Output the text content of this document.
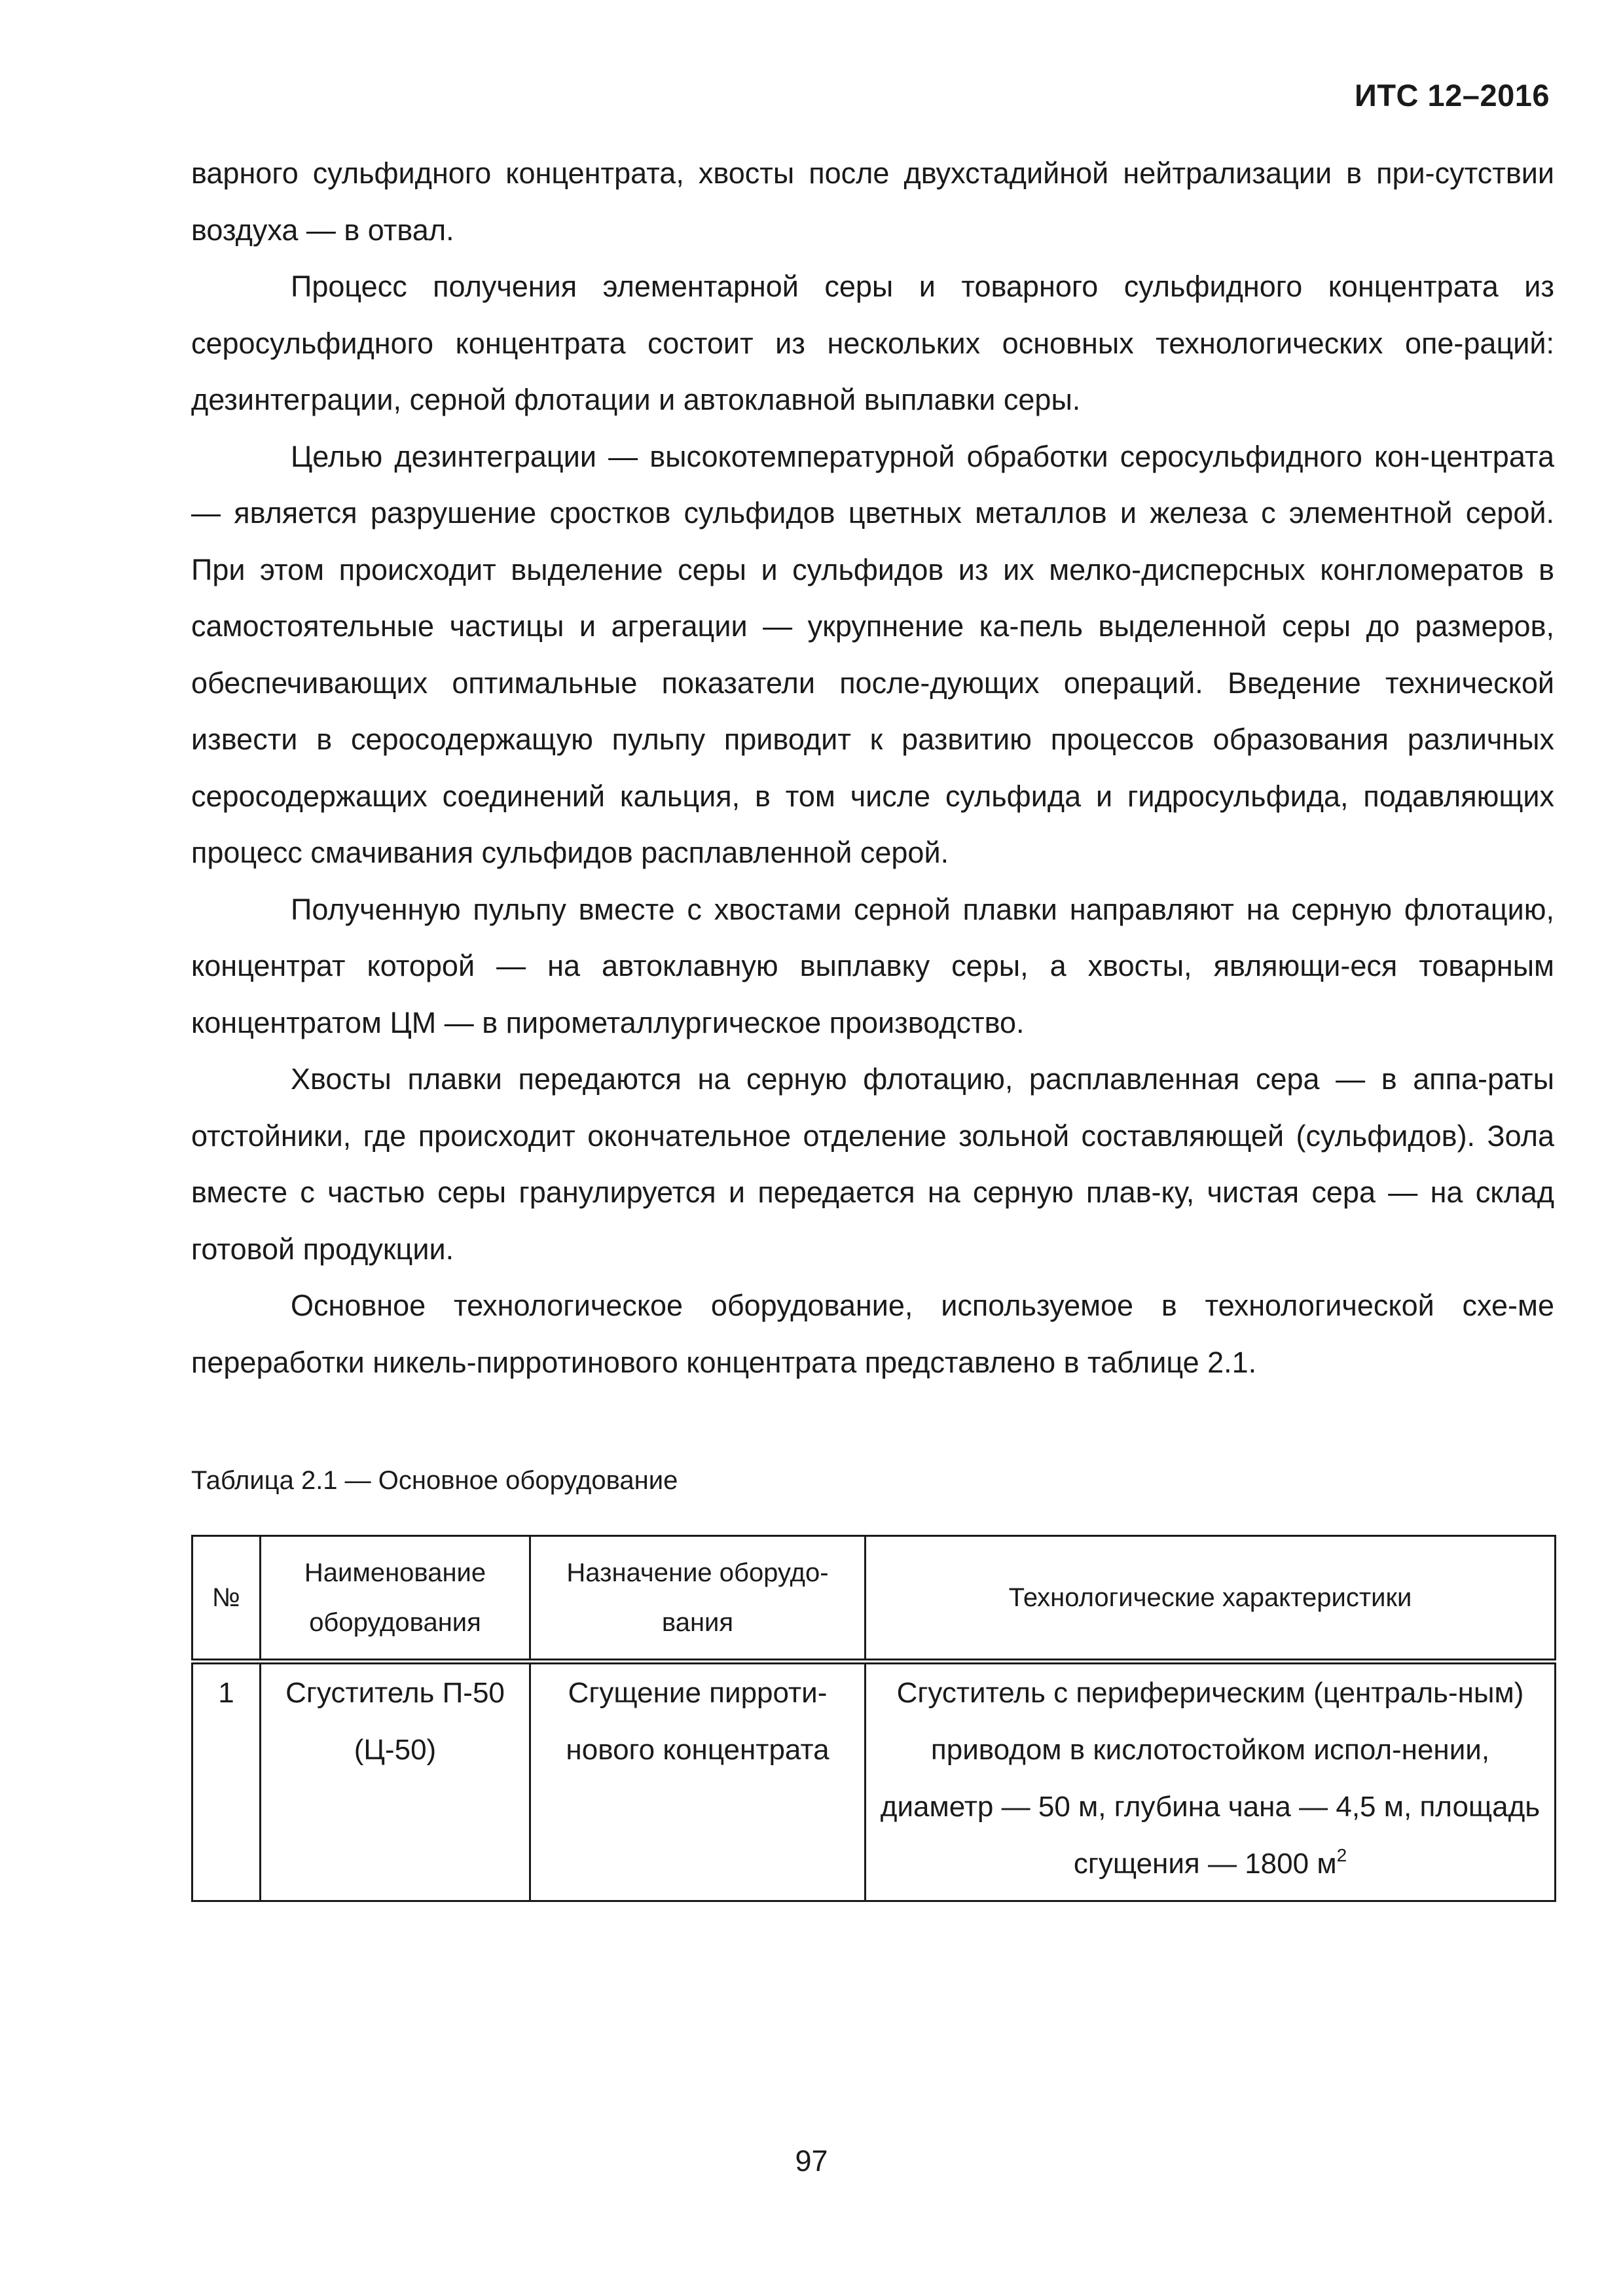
ИТС 12–2016

варного сульфидного концентрата, хвосты после двухстадийной нейтрализации в при-сутствии воздуха — в отвал.

Процесс получения элементарной серы и товарного сульфидного концентрата из серосульфидного концентрата состоит из нескольких основных технологических опе-раций: дезинтеграции, серной флотации и автоклавной выплавки серы.

Целью дезинтеграции — высокотемпературной обработки серосульфидного кон-центрата — является разрушение сростков сульфидов цветных металлов и железа с элементной серой. При этом происходит выделение серы и сульфидов из их мелко-дисперсных конгломератов в самостоятельные частицы и агрегации — укрупнение ка-пель выделенной серы до размеров, обеспечивающих оптимальные показатели после-дующих операций. Введение технической извести в серосодержащую пульпу приводит к развитию процессов образования различных серосодержащих соединений кальция, в том числе сульфида и гидросульфида, подавляющих процесс смачивания сульфидов расплавленной серой.

Полученную пульпу вместе с хвостами серной плавки направляют на серную флотацию, концентрат которой — на автоклавную выплавку серы, а хвосты, являющи-еся товарным концентратом ЦМ — в пирометаллургическое производство.

Хвосты плавки передаются на серную флотацию, расплавленная сера — в аппа-раты отстойники, где происходит окончательное отделение зольной составляющей (сульфидов). Зола вместе с частью серы гранулируется и передается на серную плав-ку, чистая сера — на склад готовой продукции.

Основное технологическое оборудование, используемое в технологической схе-ме переработки никель-пирротинового концентрата представлено в таблице 2.1.

Таблица 2.1 — Основное оборудование
№	Наименование оборудования	Назначение оборудо-вания	Технологические характеристики
1	Сгуститель П-50 (Ц-50)	Сгущение пирроти-нового концентрата	Сгуститель с периферическим (централь-ным) приводом в кислотостойком испол-нении, диаметр — 50 м, глубина чана — 4,5 м, площадь сгущения — 1800 $м^2$
97
